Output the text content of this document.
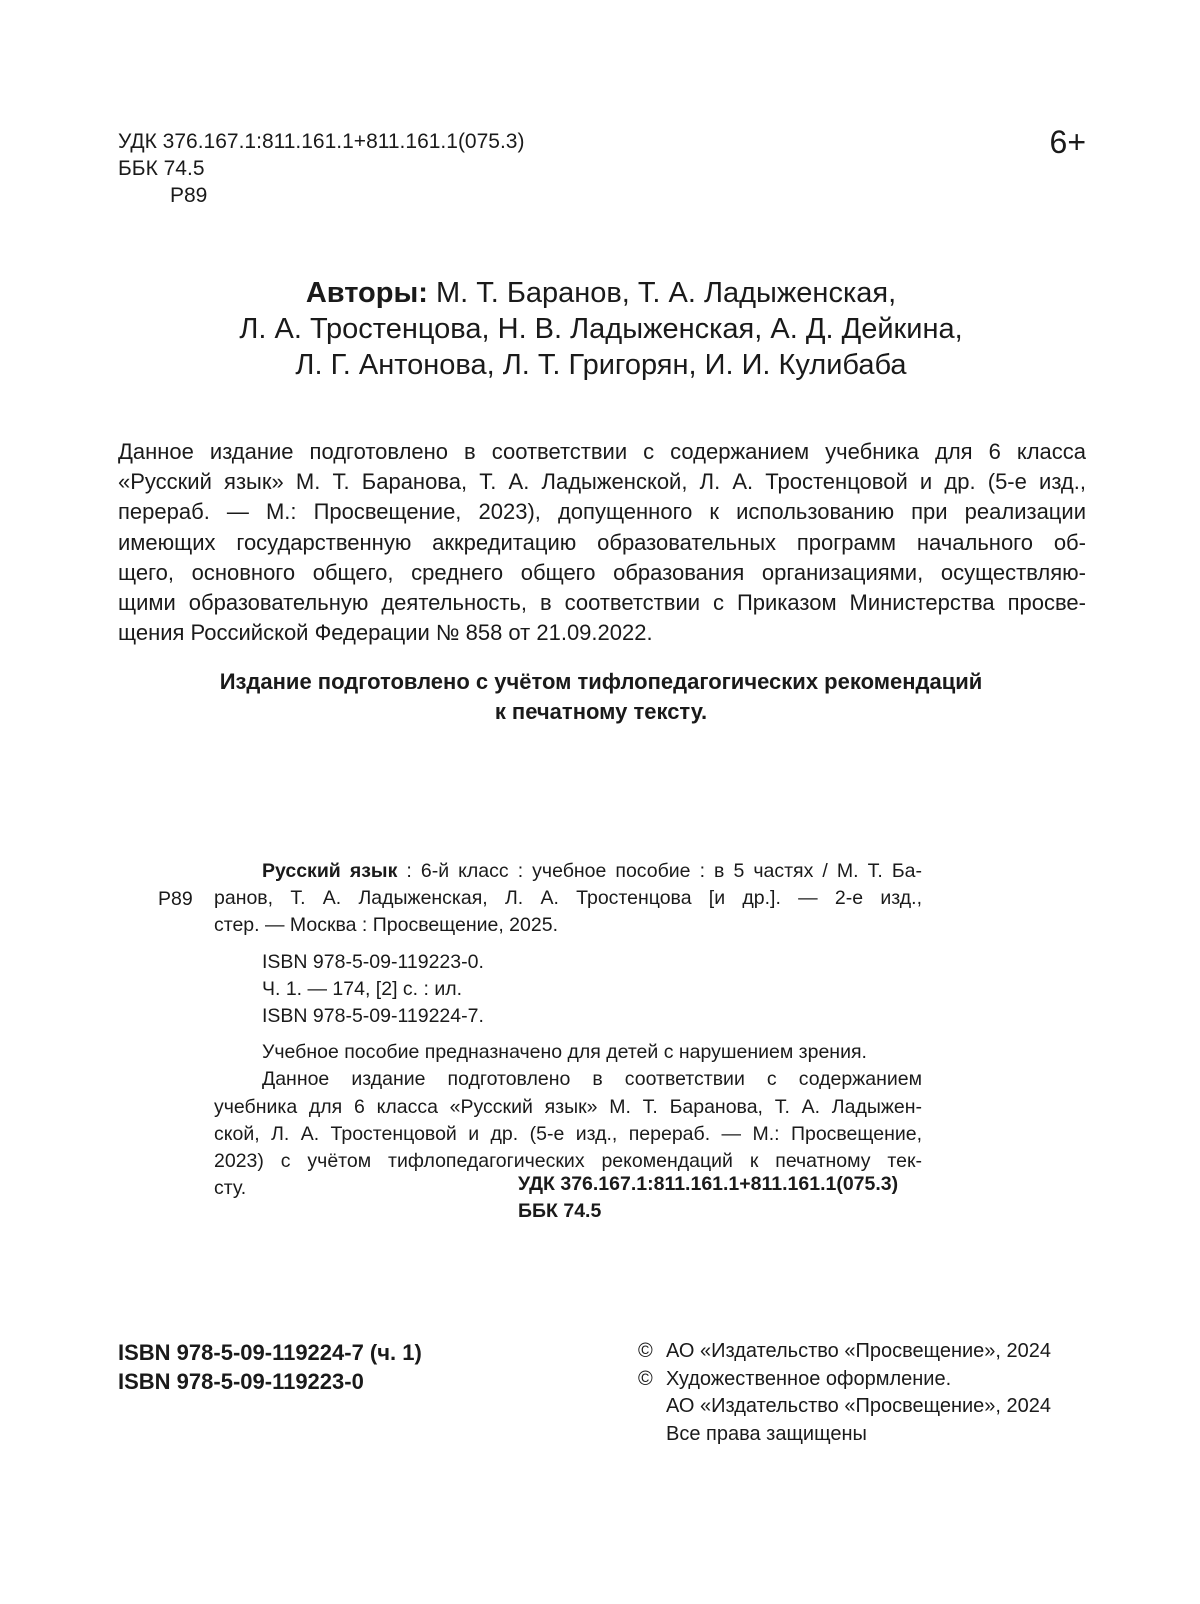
УДК 376.167.1:811.161.1+811.161.1(075.3)
ББК 74.5
Р89
6+
Авторы: М. Т. Баранов, Т. А. Ладыженская,
Л. А. Тростенцова, Н. В. Ладыженская, А. Д. Дейкина,
Л. Г. Антонова, Л. Т. Григорян, И. И. Кулибаба
Данное издание подготовлено в соответствии с содержанием учебника для 6 класса
«Русский язык» М. Т. Баранова, Т. А. Ладыженской, Л. А. Тростенцовой и др. (5-е изд.,
перераб. — М.: Просвещение, 2023), допущенного к использованию при реализации
имеющих государственную аккредитацию образовательных программ начального об-
щего, основного общего, среднего общего образования организациями, осуществляю-
щими образовательную деятельность, в соответствии с Приказом Министерства просве-
щения Российской Федерации № 858 от 21.09.2022.
Издание подготовлено с учётом тифлопедагогических рекомендаций
к печатному тексту.
Р89
Русский язык : 6-й класс : учебное пособие : в 5 частях / М. Т. Ба-
ранов, Т. А. Ладыженская, Л. А. Тростенцова [и др.]. — 2-е изд.,
стер. — Москва : Просвещение, 2025.
ISBN 978-5-09-119223-0.
Ч. 1. — 174, [2] с. : ил.
ISBN 978-5-09-119224-7.
Учебное пособие предназначено для детей с нарушением зрения.
Данное издание подготовлено в соответствии с содержанием
учебника для 6 класса «Русский язык» М. Т. Баранова, Т. А. Ладыжен-
ской, Л. А. Тростенцовой и др. (5-е изд., перераб. — М.: Просвещение,
2023) с учётом тифлопедагогических рекомендаций к печатному тек-
сту.	УДК 376.167.1:811.161.1+811.161.1(075.3)
ББК 74.5
ISBN 978-5-09-119224-7 (ч. 1)
ISBN 978-5-09-119223-0
© АО «Издательство «Просвещение», 2024
© Художественное оформление.
АО «Издательство «Просвещение», 2024
Все права защищены
